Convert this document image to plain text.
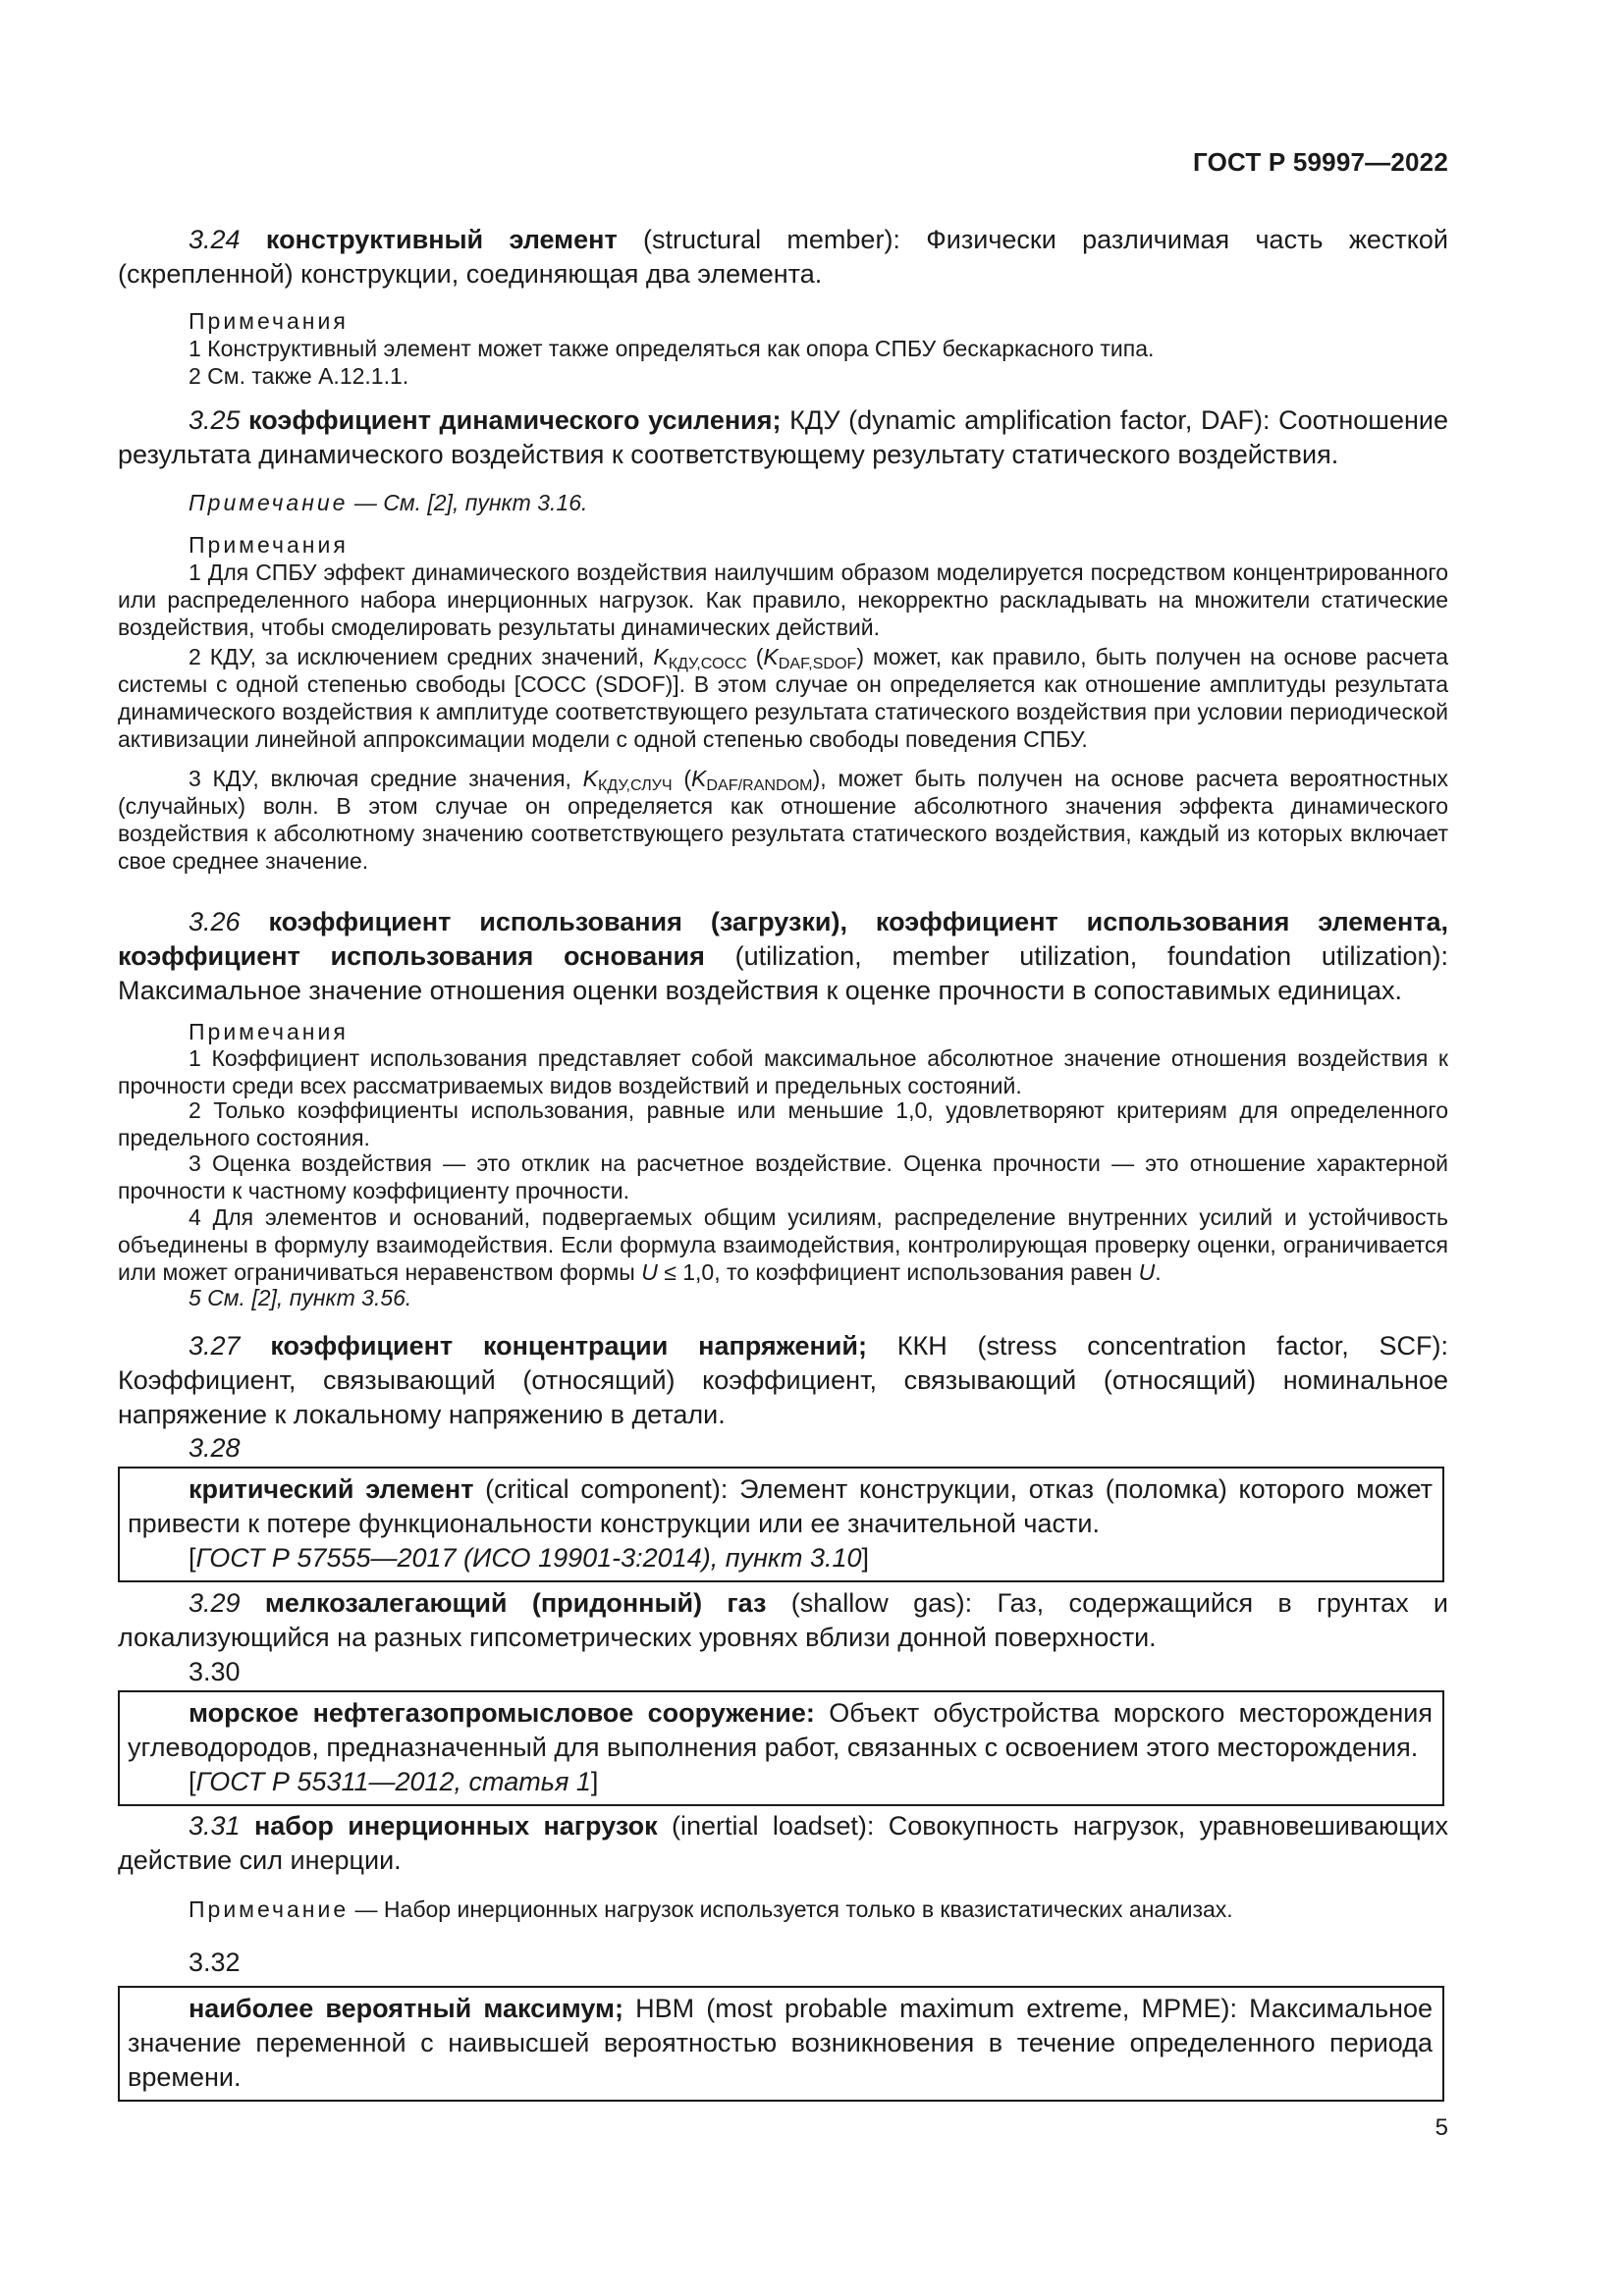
ГОСТ Р 59997—2022
3.24 конструктивный элемент (structural member): Физически различимая часть жесткой (скрепленной) конструкции, соединяющая два элемента.
Примечания
1 Конструктивный элемент может также определяться как опора СПБУ бескаркасного типа.
2 См. также А.12.1.1.
3.25 коэффициент динамического усиления; КДУ (dynamic amplification factor, DAF): Соотношение результата динамического воздействия к соответствующему результату статического воздействия.
Примечание — См. [2], пункт 3.16.
Примечания
1 Для СПБУ эффект динамического воздействия наилучшим образом моделируется посредством концентрированного или распределенного набора инерционных нагрузок. Как правило, некорректно раскладывать на множители статические воздействия, чтобы смоделировать результаты динамических действий.
2 КДУ, за исключением средних значений, $K_{КДУ,СОСС}$ $(K_{DAF,SDOF})$ может, как правило, быть получен на основе расчета системы с одной степенью свободы [СОСС (SDOF)]. В этом случае он определяется как отношение амплитуды результата динамического воздействия к амплитуде соответствующего результата статического воздействия при условии периодической активизации линейной аппроксимации модели с одной степенью свободы поведения СПБУ.
3 КДУ, включая средние значения, $K_{КДУ,СЛУЧ}$ $(K_{DAF/RANDOM})$, может быть получен на основе расчета вероятностных (случайных) волн. В этом случае он определяется как отношение абсолютного значения эффекта динамического воздействия к абсолютному значению соответствующего результата статического воздействия, каждый из которых включает свое среднее значение.
3.26 коэффициент использования (загрузки), коэффициент использования элемента, коэффициент использования основания (utilization, member utilization, foundation utilization): Максимальное значение отношения оценки воздействия к оценке прочности в сопоставимых единицах.
Примечания
1 Коэффициент использования представляет собой максимальное абсолютное значение отношения воздействия к прочности среди всех рассматриваемых видов воздействий и предельных состояний.
2 Только коэффициенты использования, равные или меньшие 1,0, удовлетворяют критериям для определенного предельного состояния.
3 Оценка воздействия — это отклик на расчетное воздействие. Оценка прочности — это отношение характерной прочности к частному коэффициенту прочности.
4 Для элементов и оснований, подвергаемых общим усилиям, распределение внутренних усилий и устойчивость объединены в формулу взаимодействия. Если формула взаимодействия, контролирующая проверку оценки, ограничивается или может ограничиваться неравенством формы U ≤ 1,0, то коэффициент использования равен U.
5 См. [2], пункт 3.56.
3.27 коэффициент концентрации напряжений; ККН (stress concentration factor, SCF): Коэффициент, связывающий (относящий) коэффициент, связывающий (относящий) номинальное напряжение к локальному напряжению в детали.
3.28
критический элемент (critical component): Элемент конструкции, отказ (поломка) которого может привести к потере функциональности конструкции или ее значительной части.
[ГОСТ Р 57555—2017 (ИСО 19901-3:2014), пункт 3.10]
3.29 мелкозалегающий (придонный) газ (shallow gas): Газ, содержащийся в грунтах и локализующийся на разных гипсометрических уровнях вблизи донной поверхности.
3.30
морское нефтегазопромысловое сооружение: Объект обустройства морского месторождения углеводородов, предназначенный для выполнения работ, связанных с освоением этого месторождения.
[ГОСТ Р 55311—2012, статья 1]
3.31 набор инерционных нагрузок (inertial loadset): Совокупность нагрузок, уравновешивающих действие сил инерции.
Примечание — Набор инерционных нагрузок используется только в квазистатических анализах.
3.32
наиболее вероятный максимум; НВМ (most probable maximum extreme, MPME): Максимальное значение переменной с наивысшей вероятностью возникновения в течение определенного периода времени.
5
